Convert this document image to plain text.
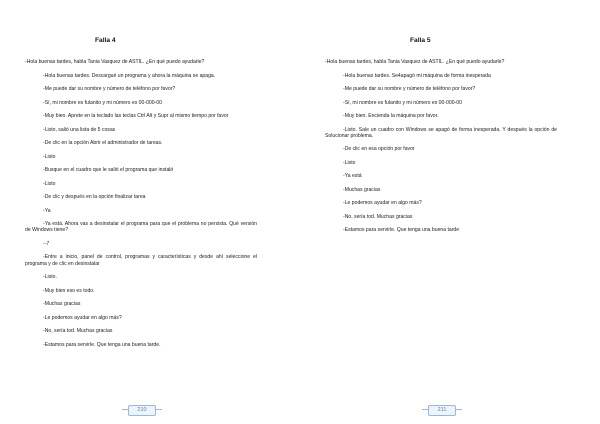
Falla 4

-Hola buenas tardes, habla Tania Vasquez de ASTIL. ¿En qué puedo ayudarle?

-Hola buenas tardes. Descargué un programa y ahora la máquina se apaga.

-Me puede dar su nombre y número de teléfono por favor?

-Sí, mi nombre es fulanito y mi número es 00-000-00

-Muy bien. Aprete en la teclado las teclas Ctrl Alt y Supr al mismo tiempo por favor

-Listo, salió una lista de 5 cosas

-De clic en la opción Abrir el administrador de tareas.

-Listo

-Busque en el cuadro que le salió el programa que instaló

-Listo

-De clic y después en la opción finalizar tarea

-Ya

-Ya está. Ahora vas a desinstalar el programa para que el problema no persista. Qué versión de Windows tiene?

--7

-Entre a inicio, panel de control, programas y características y desde ahí seleccione el programa y de clic en desinstalar

-Listo.

-Muy bien eso es todo.

-Muchas gracias

-Le podemos ayudar en algo más?

-No, sería tod. Muchas gracias

-Estamos para servirle. Que tenga una buena tarde.

210
Falla 5

-Hola buenas tardes, habla Tania Vasquez de ASTIL. ¿En qué puedo ayudarle?

-Hola buenas tardes. Se4apagó mi máquina de forma inesperada

-Me puede dar su nombre y número de teléfono por favor?

-Sí, mi nombre es fulanito y mi número es 00-000-00

-Muy bien. Encienda la máquina por favor.

-Listo. Sale un cuadro con Windows se apagó de forma inesperada. Y después la opción de Solucionar problema.

-De clic en esa opción por favor

-Listo

-Ya está

-Muchas gracias

-Le podemos ayudar en algo más?

-No, sería tod. Muchas gracias

-Estamos para servirle. Que tenga una buena tarde

211
